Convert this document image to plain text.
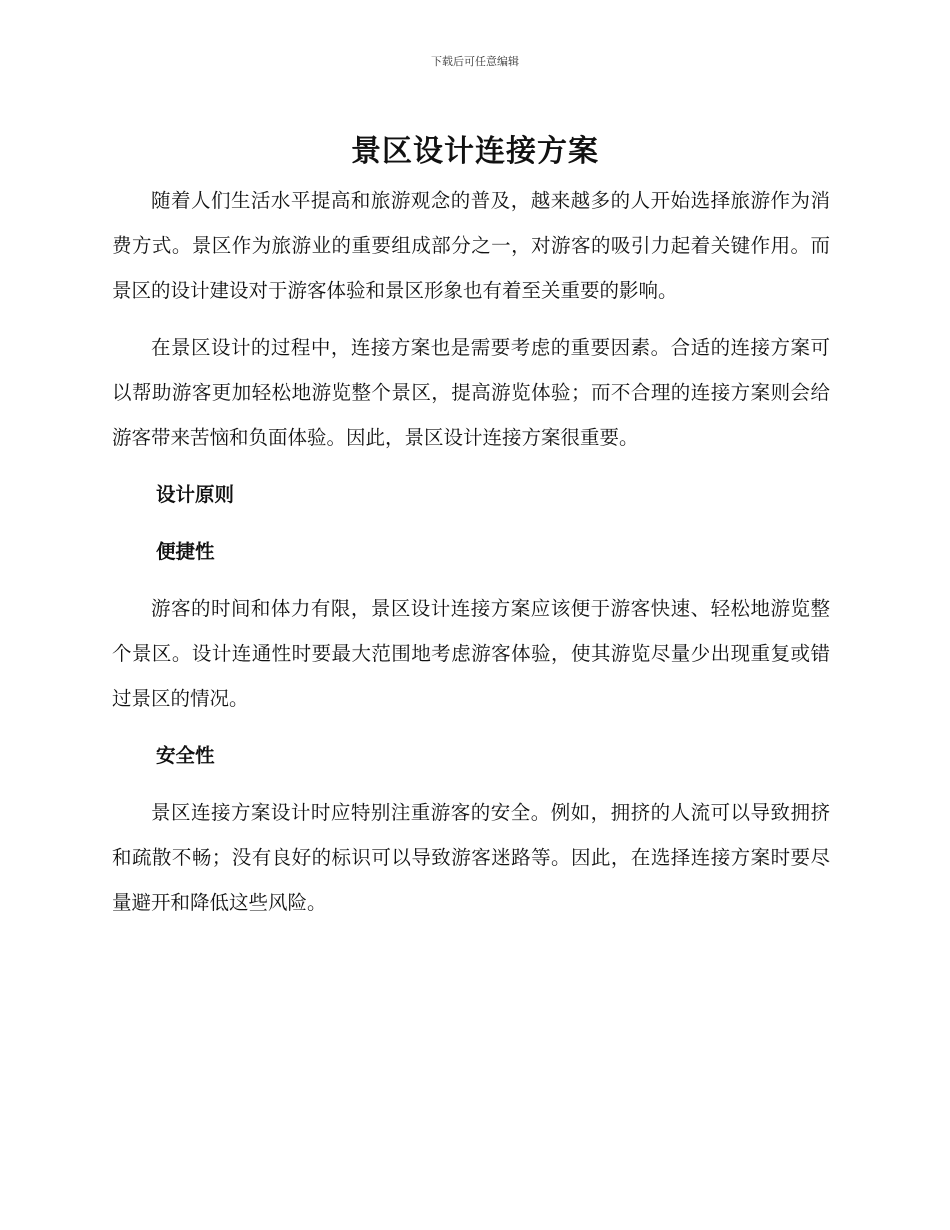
下载后可任意编辑
景区设计连接方案

随着人们生活水平提高和旅游观念的普及，越来越多的人开始选择旅游作为消费方式。景区作为旅游业的重要组成部分之一，对游客的吸引力起着关键作用。而景区的设计建设对于游客体验和景区形象也有着至关重要的影响。

在景区设计的过程中，连接方案也是需要考虑的重要因素。合适的连接方案可以帮助游客更加轻松地游览整个景区，提高游览体验；而不合理的连接方案则会给游客带来苦恼和负面体验。因此，景区设计连接方案很重要。

设计原则
便捷性

游客的时间和体力有限，景区设计连接方案应该便于游客快速、轻松地游览整个景区。设计连通性时要最大范围地考虑游客体验，使其游览尽量少出现重复或错过景区的情况。

安全性

景区连接方案设计时应特别注重游客的安全。例如，拥挤的人流可以导致拥挤和疏散不畅；没有良好的标识可以导致游客迷路等。因此，在选择连接方案时要尽量避开和降低这些风险。
